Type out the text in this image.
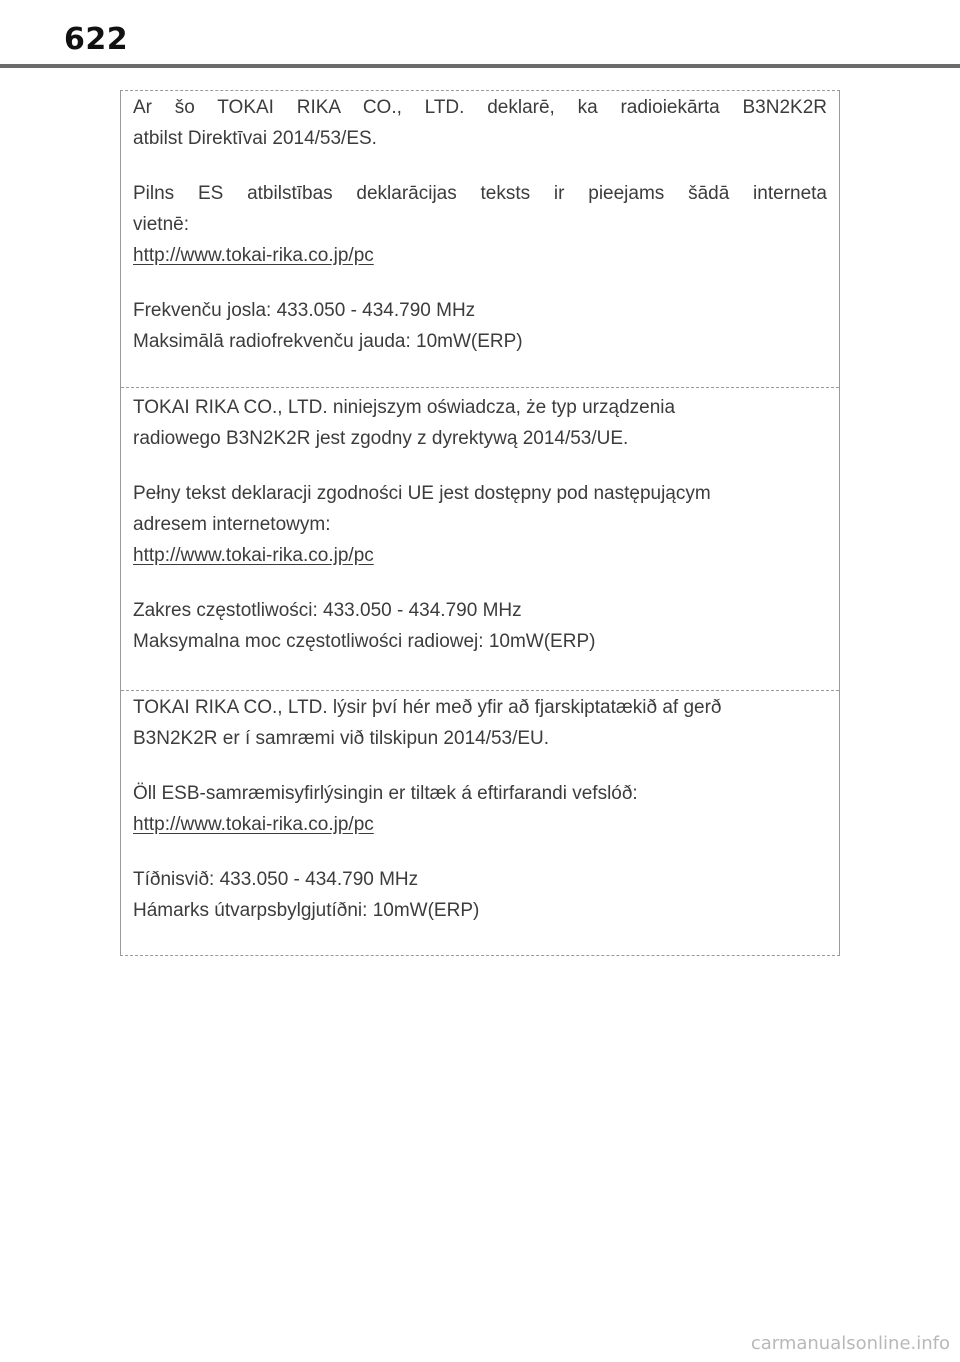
622
Ar šo TOKAI RIKA CO., LTD. deklarē, ka radioiekārta B3N2K2R
atbilst Direktīvai 2014/53/ES.
Pilns ES atbilstības deklarācijas teksts ir pieejams šādā interneta
vietnē:
http://www.tokai-rika.co.jp/pc
Frekvenču josla: 433.050 - 434.790 MHz
Maksimālā radiofrekvenču jauda: 10mW(ERP)
TOKAI RIKA CO., LTD. niniejszym oświadcza, że typ urządzenia
radiowego B3N2K2R jest zgodny z dyrektywą 2014/53/UE.
Pełny tekst deklaracji zgodności UE jest dostępny pod następującym
adresem internetowym:
http://www.tokai-rika.co.jp/pc
Zakres częstotliwości: 433.050 - 434.790 MHz
Maksymalna moc częstotliwości radiowej: 10mW(ERP)
TOKAI RIKA CO., LTD. lýsir því hér með yfir að fjarskiptatækið af gerð
B3N2K2R er í samræmi við tilskipun 2014/53/EU.
Öll ESB-samræmisyfirlýsingin er tiltæk á eftirfarandi vefslóð:
http://www.tokai-rika.co.jp/pc
Tíðnisvið: 433.050 - 434.790 MHz
Hámarks útvarpsbylgjutíðni: 10mW(ERP)
carmanualsonline.info
